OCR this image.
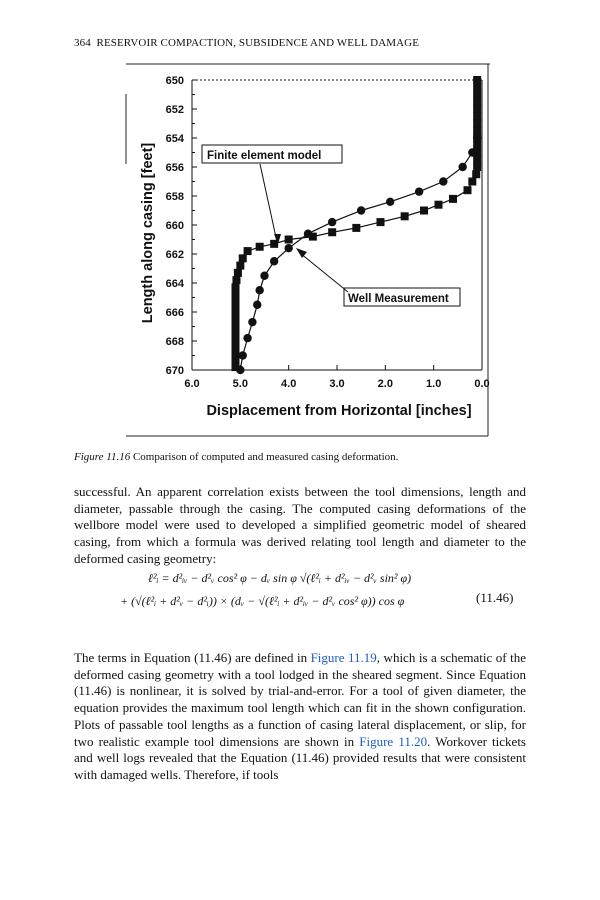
364 RESERVOIR COMPACTION, SUBSIDENCE AND WELL DAMAGE
650
652
654
656
658
660
662
664
666
668
670
6.0	5.0	4.0	3.0	2.0	1.0	0.0
Length along casing [feet]
Displacement from Horizontal [inches]
Finite element model
Well Measurement
Figure 11.16 Comparison of computed and measured casing deformation.

successful. An apparent correlation exists between the tool dimensions, length and diameter, passable through the casing. The computed casing deformations of the wellbore model were used to developed a simplified geometric model of sheared casing, from which a formula was derived relating tool length and diameter to the deformed casing geometry:

ℓ²ᵢ = d²ᵢᵥ − d²ᵥ cos² φ − dᵥ sin φ √(ℓ²ᵢ + d²ᵢᵥ − d²ᵥ sin² φ)
+ (√(ℓ²ᵢ + d²ᵥ − d²ᵢ)) × (dᵥ − √(ℓ²ᵢ + d²ᵢᵥ − d²ᵥ cos² φ)) cos φ	(11.46)

The terms in Equation (11.46) are defined in Figure 11.19, which is a schematic of the deformed casing geometry with a tool lodged in the sheared segment. Since Equation (11.46) is nonlinear, it is solved by trial-and-error. For a tool of given diameter, the equation provides the maximum tool length which can fit in the shown configuration. Plots of passable tool lengths as a function of casing lateral displacement, or slip, for two realistic example tool dimensions are shown in Figure 11.20. Workover tickets and well logs revealed that the Equation (11.46) provided results that were consistent with damaged wells. Therefore, if tools
